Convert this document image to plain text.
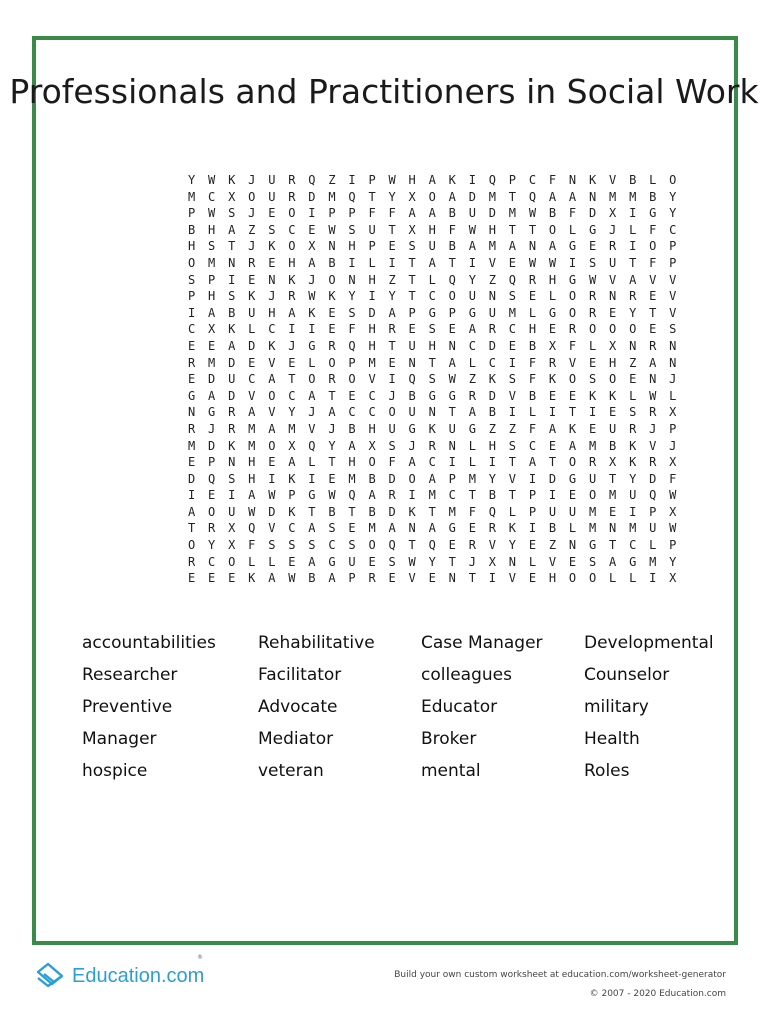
Professionals and Practitioners in Social Work
Y W K J U R Q Z I P W H A K I Q P C F N K V B L O
M C X O U R D M Q T Y X O A D M T Q A A N M M B Y
P W S J E O I P P F F A A B U D M W B F D X I G Y
B H A Z S C E W S U T X H F W H T T O L G J L F C
H S T J K O X N H P E S U B A M A N A G E R I O P
O M N R E H A B I L I T A T I V E W W I S U T F P
S P I E N K J O N H Z T L Q Y Z Q R H G W V A V V
P H S K J R W K Y I Y T C O U N S E L O R N R E V
I A B U H A K E S D A P G P G U M L G O R E Y T V
C X K L C I I E F H R E S E A R C H E R O O O E S
E E A D K J G R Q H T U H N C D E B X F L X N R N
R M D E V E L O P M E N T A L C I F R V E H Z A N
E D U C A T O R O V I Q S W Z K S F K O S O E N J
G A D V O C A T E C J B G G R D V B E E K K L W L
N G R A V Y J A C C O U N T A B I L I T I E S R X
R J R M A M V J B H U G K U G Z Z F A K E U R J P
M D K M O X Q Y A X S J R N L H S C E A M B K V J
E P N H E A L T H O F A C I L I T A T O R X K R X
D Q S H I K I E M B D O A P M Y V I D G U T Y D F
I E I A W P G W Q A R I M C T B T P I E O M U Q W
A O U W D K T B T B D K T M F Q L P U U M E I P X
T R X Q V C A S E M A N A G E R K I B L M N M U W
O Y X F S S S C S O Q T Q E R V Y E Z N G T C L P
R C O L L E A G U E S W Y T J X N L V E S A G M Y
E E E K A W B A P R E V E N T I V E H O O L L I X
accountabilities	Rehabilitative	Case Manager	Developmental
Researcher	Facilitator	colleagues	Counselor
Preventive	Advocate	Educator	military
Manager	Mediator	Broker	Health
hospice	veteran	mental	Roles
Education.com
®
Build your own custom worksheet at education.com/worksheet-generator
© 2007 - 2020 Education.com
